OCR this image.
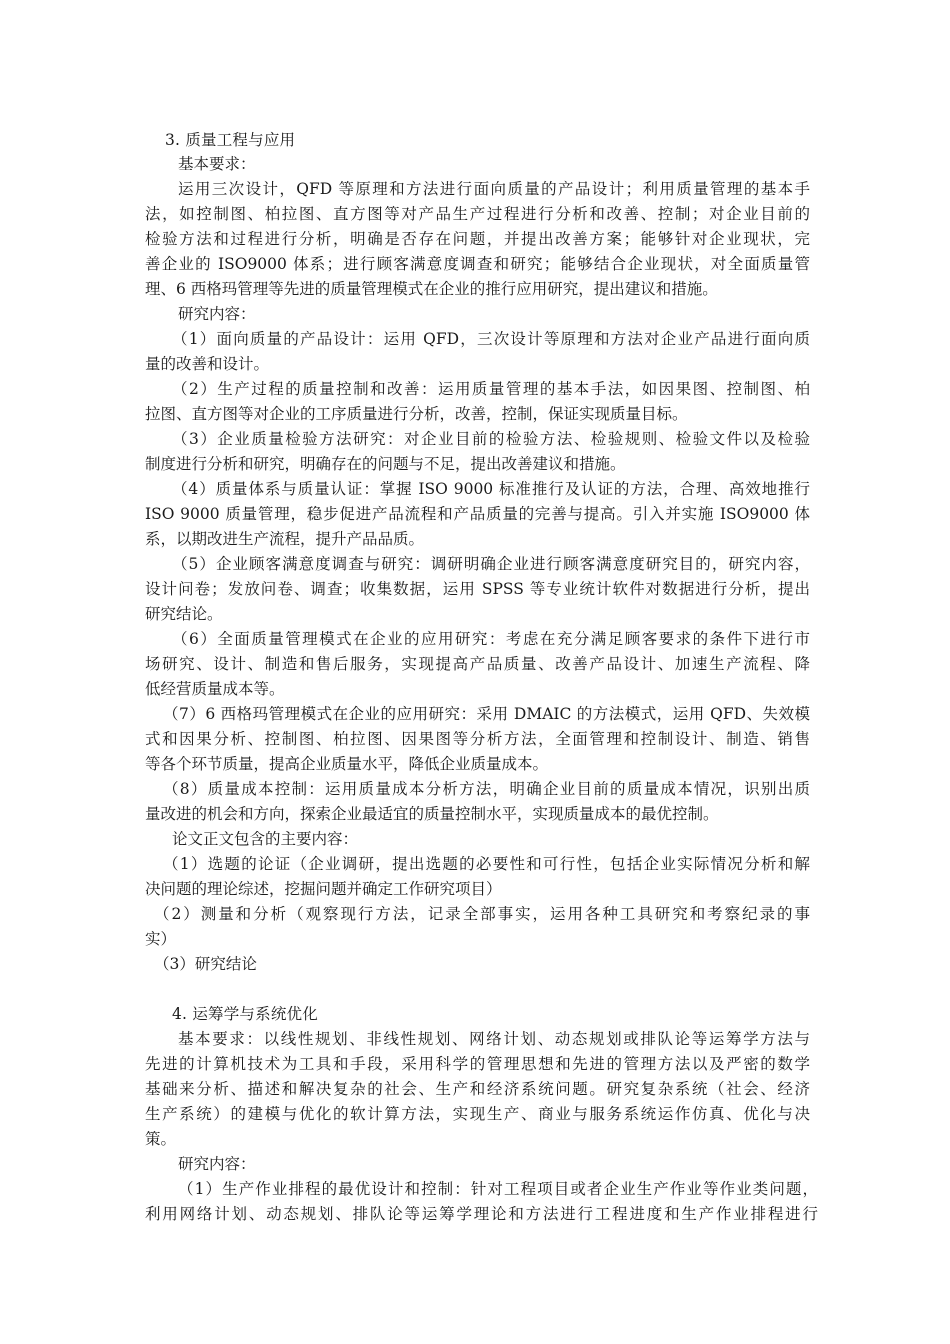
3. 质量工程与应用
基本要求：
运用三次设计，QFD 等原理和方法进行面向质量的产品设计；利用质量管理的基本手
法，如控制图、柏拉图、直方图等对产品生产过程进行分析和改善、控制；对企业目前的
检验方法和过程进行分析，明确是否存在问题，并提出改善方案；能够针对企业现状，完
善企业的 ISO9000 体系；进行顾客满意度调查和研究；能够结合企业现状，对全面质量管
理、6 西格玛管理等先进的质量管理模式在企业的推行应用研究，提出建议和措施。
研究内容：
（1）面向质量的产品设计：运用 QFD，三次设计等原理和方法对企业产品进行面向质
量的改善和设计。
（2）生产过程的质量控制和改善：运用质量管理的基本手法，如因果图、控制图、柏
拉图、直方图等对企业的工序质量进行分析，改善，控制，保证实现质量目标。
（3）企业质量检验方法研究：对企业目前的检验方法、检验规则、检验文件以及检验
制度进行分析和研究，明确存在的问题与不足，提出改善建议和措施。
（4）质量体系与质量认证：掌握 ISO 9000 标准推行及认证的方法，合理、高效地推行
ISO 9000 质量管理，稳步促进产品流程和产品质量的完善与提高。引入并实施 ISO9000 体
系，以期改进生产流程，提升产品品质。
（5）企业顾客满意度调查与研究：调研明确企业进行顾客满意度研究目的，研究内容，
设计问卷；发放问卷、调查；收集数据，运用 SPSS 等专业统计软件对数据进行分析，提出
研究结论。
（6）全面质量管理模式在企业的应用研究：考虑在充分满足顾客要求的条件下进行市
场研究、设计、制造和售后服务，实现提高产品质量、改善产品设计、加速生产流程、降
低经营质量成本等。
（7）6 西格玛管理模式在企业的应用研究：采用 DMAIC 的方法模式，运用 QFD、失效模
式和因果分析、控制图、柏拉图、因果图等分析方法，全面管理和控制设计、制造、销售
等各个环节质量，提高企业质量水平，降低企业质量成本。
（8）质量成本控制：运用质量成本分析方法，明确企业目前的质量成本情况，识别出质
量改进的机会和方向，探索企业最适宜的质量控制水平，实现质量成本的最优控制。
论文正文包含的主要内容：
（1）选题的论证（企业调研，提出选题的必要性和可行性，包括企业实际情况分析和解
决问题的理论综述，挖掘问题并确定工作研究项目）
（2）测量和分析（观察现行方法，记录全部事实，运用各种工具研究和考察纪录的事
实）
（3）研究结论
4. 运筹学与系统优化
基本要求：以线性规划、非线性规划、网络计划、动态规划或排队论等运筹学方法与
先进的计算机技术为工具和手段，采用科学的管理思想和先进的管理方法以及严密的数学
基础来分析、描述和解决复杂的社会、生产和经济系统问题。研究复杂系统（社会、经济
生产系统）的建模与优化的软计算方法，实现生产、商业与服务系统运作仿真、优化与决
策。
研究内容：
（1）生产作业排程的最优设计和控制：针对工程项目或者企业生产作业等作业类问题，
利用网络计划、动态规划、排队论等运筹学理论和方法进行工程进度和生产作业排程进行
